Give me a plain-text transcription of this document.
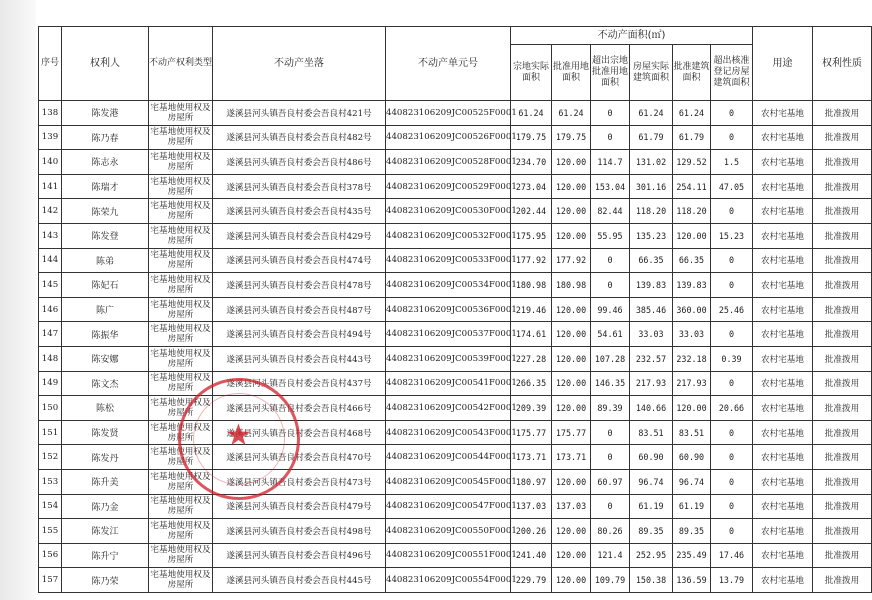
序号	权利人	不动产权利类型	不动产坐落	不动产单元号	不动产面积(㎡)						用途	权利性质
					宗地实际面积	批准用地面积	超出宗地批准用地面积	房屋实际建筑面积	批准建筑面积	超出核准登记房屋建筑面积		
138	陈发港	宅基地使用权及房屋所	遂溪县河头镇吾良村委会吾良村421号	440823106209JC00525F0001	61.24	61.24	0	61.24	61.24	0	农村宅基地	批准拨用
139	陈乃春	宅基地使用权及房屋所	遂溪县河头镇吾良村委会吾良村482号	440823106209JC00526F0001	179.75	179.75	0	61.79	61.79	0	农村宅基地	批准拨用
140	陈志永	宅基地使用权及房屋所	遂溪县河头镇吾良村委会吾良村486号	440823106209JC00528F0001	234.70	120.00	114.7	131.02	129.52	1.5	农村宅基地	批准拨用
141	陈瑞才	宅基地使用权及房屋所	遂溪县河头镇吾良村委会吾良村378号	440823106209JC00529F0001	273.04	120.00	153.04	301.16	254.11	47.05	农村宅基地	批准拨用
142	陈荣九	宅基地使用权及房屋所	遂溪县河头镇吾良村委会吾良村435号	440823106209JC00530F0001	202.44	120.00	82.44	118.20	118.20	0	农村宅基地	批准拨用
143	陈发登	宅基地使用权及房屋所	遂溪县河头镇吾良村委会吾良村429号	440823106209JC00532F0001	175.95	120.00	55.95	135.23	120.00	15.23	农村宅基地	批准拨用
144	陈弟	宅基地使用权及房屋所	遂溪县河头镇吾良村委会吾良村474号	440823106209JC00533F0001	177.92	177.92	0	66.35	66.35	0	农村宅基地	批准拨用
145	陈妃石	宅基地使用权及房屋所	遂溪县河头镇吾良村委会吾良村478号	440823106209JC00534F0001	180.98	180.98	0	139.83	139.83	0	农村宅基地	批准拨用
146	陈广	宅基地使用权及房屋所	遂溪县河头镇吾良村委会吾良村487号	440823106209JC00536F0001	219.46	120.00	99.46	385.46	360.00	25.46	农村宅基地	批准拨用
147	陈振华	宅基地使用权及房屋所	遂溪县河头镇吾良村委会吾良村494号	440823106209JC00537F0001	174.61	120.00	54.61	33.03	33.03	0	农村宅基地	批准拨用
148	陈安娜	宅基地使用权及房屋所	遂溪县河头镇吾良村委会吾良村443号	440823106209JC00539F0001	227.28	120.00	107.28	232.57	232.18	0.39	农村宅基地	批准拨用
149	陈文杰	宅基地使用权及房屋所	遂溪县河头镇吾良村委会吾良村437号	440823106209JC00541F0001	266.35	120.00	146.35	217.93	217.93	0	农村宅基地	批准拨用
150	陈松	宅基地使用权及房屋所	遂溪县河头镇吾良村委会吾良村466号	440823106209JC00542F0001	209.39	120.00	89.39	140.66	120.00	20.66	农村宅基地	批准拨用
151	陈发贤	宅基地使用权及房屋所	遂溪县河头镇吾良村委会吾良村468号	440823106209JC00543F0001	175.77	175.77	0	83.51	83.51	0	农村宅基地	批准拨用
152	陈发丹	宅基地使用权及房屋所	遂溪县河头镇吾良村委会吾良村470号	440823106209JC00544F0001	173.71	173.71	0	60.90	60.90	0	农村宅基地	批准拨用
153	陈升美	宅基地使用权及房屋所	遂溪县河头镇吾良村委会吾良村473号	440823106209JC00545F0001	180.97	120.00	60.97	96.74	96.74	0	农村宅基地	批准拨用
154	陈乃金	宅基地使用权及房屋所	遂溪县河头镇吾良村委会吾良村479号	440823106209JC00547F0001	137.03	137.03	0	61.19	61.19	0	农村宅基地	批准拨用
155	陈发江	宅基地使用权及房屋所	遂溪县河头镇吾良村委会吾良村498号	440823106209JC00550F0001	200.26	120.00	80.26	89.35	89.35	0	农村宅基地	批准拨用
156	陈升宁	宅基地使用权及房屋所	遂溪县河头镇吾良村委会吾良村496号	440823106209JC00551F0001	241.40	120.00	121.4	252.95	235.49	17.46	农村宅基地	批准拨用
157	陈乃荣	宅基地使用权及房屋所	遂溪县河头镇吾良村委会吾良村445号	440823106209JC00554F0001	229.79	120.00	109.79	150.38	136.59	13.79	农村宅基地	批准拨用
★
